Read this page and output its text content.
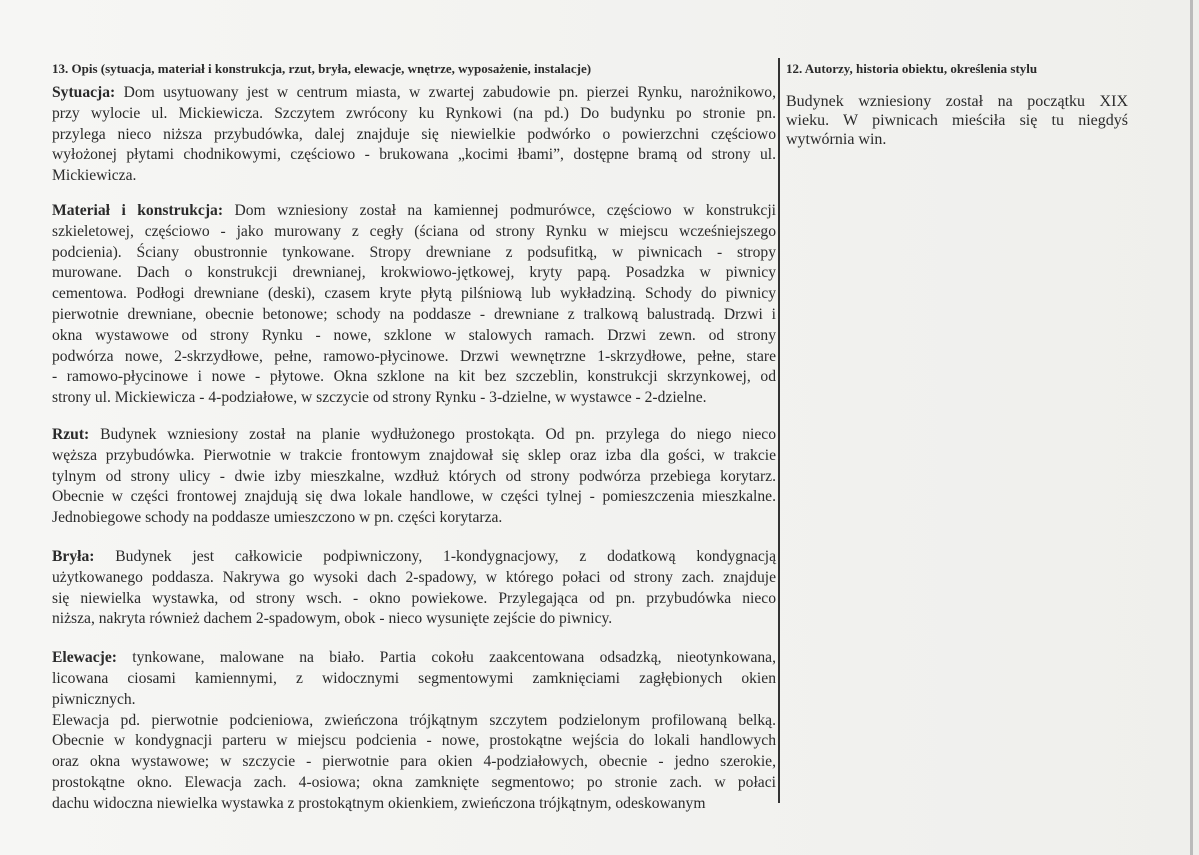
13. Opis (sytuacja, materiał i konstrukcja, rzut, bryła, elewacje, wnętrze, wyposażenie, instalacje)
Sytuacja: Dom usytuowany jest w centrum miasta, w zwartej zabudowie pn. pierzei Rynku, narożnikowo,
przy wylocie ul. Mickiewicza. Szczytem zwrócony ku Rynkowi (na pd.) Do budynku po stronie pn.
przylega nieco niższa przybudówka, dalej znajduje się niewielkie podwórko o powierzchni częściowo
wyłożonej płytami chodnikowymi, częściowo - brukowana „kocimi łbami”, dostępne bramą od strony ul.
Mickiewicza.
Materiał i konstrukcja: Dom wzniesiony został na kamiennej podmurówce, częściowo w konstrukcji
szkieletowej, częściowo - jako murowany z cegły (ściana od strony Rynku w miejscu wcześniejszego
podcienia). Ściany obustronnie tynkowane. Stropy drewniane z podsufitką, w piwnicach - stropy
murowane. Dach o konstrukcji drewnianej, krokwiowo-jętkowej, kryty papą. Posadzka w piwnicy
cementowa. Podłogi drewniane (deski), czasem kryte płytą pilśniową lub wykładziną. Schody do piwnicy
pierwotnie drewniane, obecnie betonowe; schody na poddasze - drewniane z tralkową balustradą. Drzwi i
okna wystawowe od strony Rynku - nowe, szklone w stalowych ramach. Drzwi zewn. od strony
podwórza nowe, 2-skrzydłowe, pełne, ramowo-płycinowe. Drzwi wewnętrzne 1-skrzydłowe, pełne, stare
- ramowo-płycinowe i nowe - płytowe. Okna szklone na kit bez szczeblin, konstrukcji skrzynkowej, od
strony ul. Mickiewicza - 4-podziałowe, w szczycie od strony Rynku - 3-dzielne, w wystawce - 2-dzielne.
Rzut: Budynek wzniesiony został na planie wydłużonego prostokąta. Od pn. przylega do niego nieco
węższa przybudówka. Pierwotnie w trakcie frontowym znajdował się sklep oraz izba dla gości, w trakcie
tylnym od strony ulicy - dwie izby mieszkalne, wzdłuż których od strony podwórza przebiega korytarz.
Obecnie w części frontowej znajdują się dwa lokale handlowe, w części tylnej - pomieszczenia mieszkalne.
Jednobiegowe schody na poddasze umieszczono w pn. części korytarza.
Bryła: Budynek jest całkowicie podpiwniczony, 1-kondygnacjowy, z dodatkową kondygnacją
użytkowanego poddasza. Nakrywa go wysoki dach 2-spadowy, w którego połaci od strony zach. znajduje
się niewielka wystawka, od strony wsch. - okno powiekowe. Przylegająca od pn. przybudówka nieco
niższa, nakryta również dachem 2-spadowym, obok - nieco wysunięte zejście do piwnicy.
Elewacje: tynkowane, malowane na biało. Partia cokołu zaakcentowana odsadzką, nieotynkowana,
licowana ciosami kamiennymi, z widocznymi segmentowymi zamknięciami zagłębionych okien
piwnicznych.
Elewacja pd. pierwotnie podcieniowa, zwieńczona trójkątnym szczytem podzielonym profilowaną belką.
Obecnie w kondygnacji parteru w miejscu podcienia - nowe, prostokątne wejścia do lokali handlowych
oraz okna wystawowe; w szczycie - pierwotnie para okien 4-podziałowych, obecnie - jedno szerokie,
prostokątne okno. Elewacja zach. 4-osiowa; okna zamknięte segmentowo; po stronie zach. w połaci
dachu widoczna niewielka wystawka z prostokątnym okienkiem, zwieńczona trójkątnym, odeskowanym
12. Autorzy, historia obiektu, określenia stylu
Budynek wzniesiony został na początku XIX
wieku. W piwnicach mieściła się tu niegdyś
wytwórnia win.
